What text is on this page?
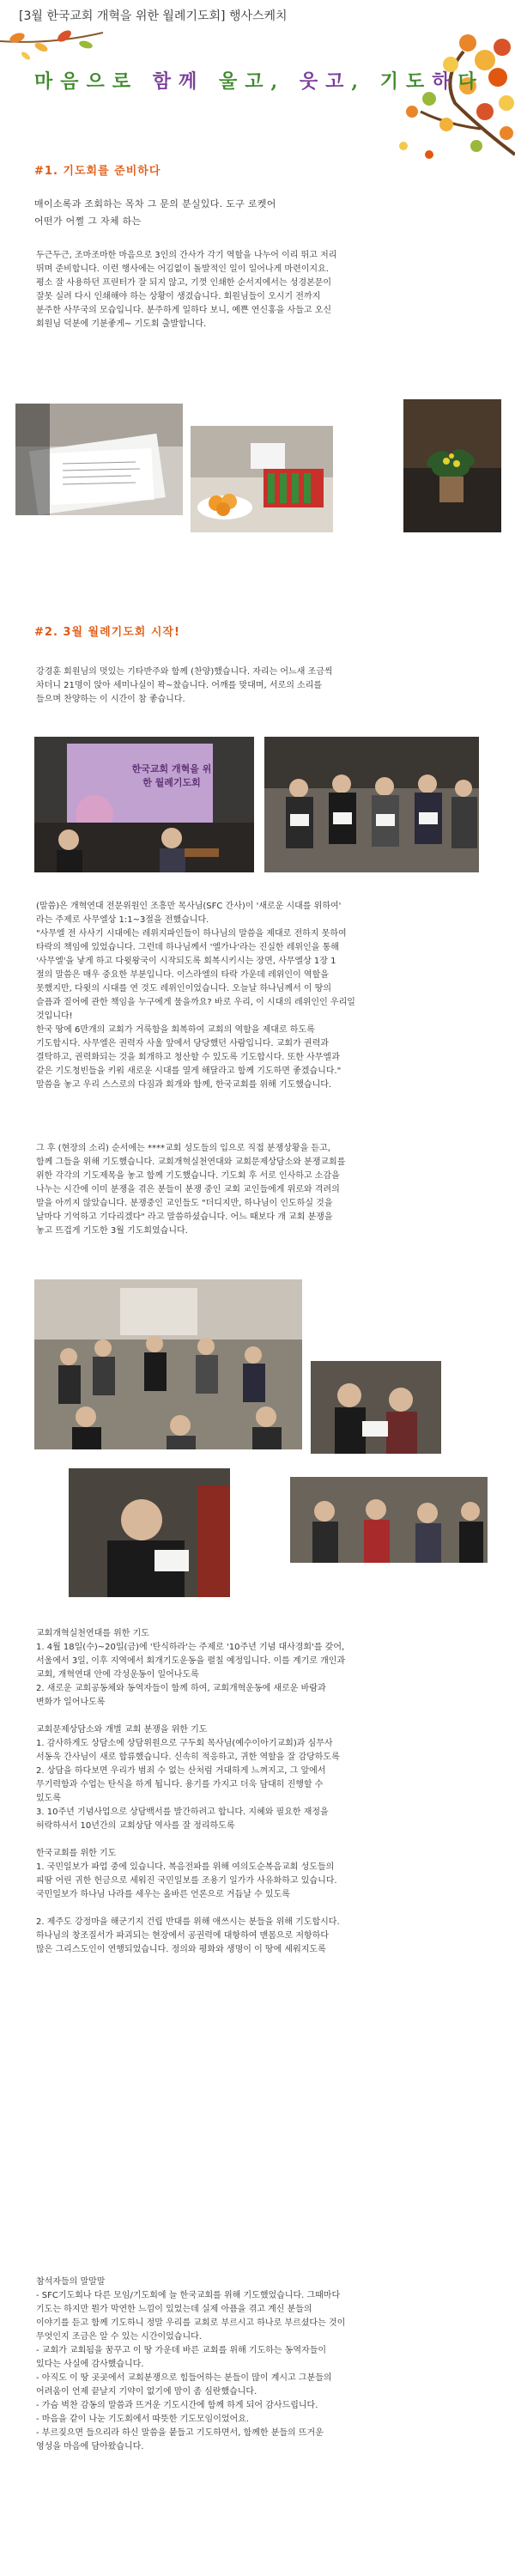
[3월 한국교회 개혁을 위한 월례기도회] 행사스케치
마음으로 함께 울고, 웃고, 기도하다
#1. 기도회를 준비하다
매이소록과 조회하는 목차 그 문의 분실있다. 도구 로켓어
어떤가 어쩔 그 자체 하는

두근두근, 조마조마한 마음으로 3인의 간사가 각기 역할을 나누어 이리 뛰고 저리

뛰며 준비합니다. 이런 행사에는 어김없이 돌발적인 일이 일어나게 마련이지요.

평소 잘 사용하던 프린터가 잘 되지 않고, 기껏 인쇄한 순서지에서는 성경본문이

잘못 실려 다시 인쇄해야 하는 상황이 생겼습니다. 회원님들이 오시기 전까지

분주한 사무국의 모습입니다. 분주하게 일하다 보니, 예쁜 연신홍을 사들고 오신

회원님 덕분에 기분좋게~ 기도회 출발합니다.

#2. 3월 월례기도회 시작!

강경훈 회원님의 멋있는 기타반주와 함께 (찬양)했습니다. 자리는 어느새 조금씩

차더니 21명이 앉아 세미나실이 꽉~찼습니다. 어깨를 맞대며, 서로의 소리를

들으며 찬양하는 이 시간이 참 좋습니다.

한국교회 개혁을 위한 월례기도회

(말씀)은 개혁연대 전문위원인 조흥만 목사님(SFC 간사)이 '새로운 시대를 위하여'

라는 주제로 사무엘상 1:1~3절을 전했습니다.

"사무엘 전 사사기 시대에는 레위지파인들이 하나님의 말씀을 제대로 전하지 못하여

타락의 책임에 있었습니다. 그런데 하나님께서 '엘가나'라는 진실한 레위인을 통해

'사무엘'을 낳게 하고 다윗왕국이 시작되도록 회복시키시는 장면, 사무엘상 1장 1

절의 말씀은 매우 중요한 부분입니다. 이스라엘의 타락 가운데 레위인이 역할을

못했지만, 다윗의 시대를 연 것도 레위인이었습니다. 오늘날 하나님께서 이 땅의

슬픔과 짙어에 관한 책임을 누구에게 물을까요? 바로 우리, 이 시대의 레위인인 우리일

것입니다!

한국 땅에 6만개의 교회가 거룩함을 회복하여 교회의 역할을 제대로 하도록

기도합시다. 사무엘은 권력자 사울 앞에서 당당했던 사람입니다. 교회가 권력과

결탁하고, 권력화되는 것을 회개하고 청산할 수 있도록 기도합시다. 또한 사무엘과

같은 기도청빈들을 키워 새로운 시대를 열게 해달라고 함께 기도하면 좋겠습니다."

말씀을 놓고 우리 스스로의 다짐과 회개와 함께, 한국교회를 위해 기도했습니다.

그 후 (현장의 소리) 순서에는 ****교회 성도들의 입으로 직접 분쟁상황을 듣고,

함께 그들을 위해 기도했습니다. 교회개혁실천연대와 교회문제상담소와 분쟁교회를

위한 각각의 기도제목을 놓고 함께 기도했습니다. 기도회 후 서로 인사하고 소감을

나누는 시간에 이미 분쟁을 겪은 분들이 분쟁 중인 교회 교인들에게 위로와 격려의

말을 아끼지 않았습니다. 분쟁중인 교인들도 "더디지만, 하나님이 인도하실 것을

날마다 기억하고 기다리겠다" 라고 말씀하셨습니다. 어느 때보다 개 교회 분쟁을

놓고 뜨겁게 기도한 3월 기도회였습니다.

교회개혁실천연대를 위한 기도

1. 4월 18일(수)~20일(금)에 '탄식하라'는 주제로 '10주년 기념 대사경회'를 갖어,

서울에서 3일, 이후 지역에서 회개기도운동을 펼칠 예정입니다. 이를 계기로 개인과

교회, 개혁연대 안에 각성운동이 일어나도록

2. 새로운 교회공동체와 동역자들이 함께 하여, 교회개혁운동에 새로운 바람과

변화가 일어나도록

교회문제상담소와 개별 교회 분쟁을 위한 기도

1. 감사하게도 상담소에 상담위원으로 구두회 목사님(예수이아기교회)과 심무사

서동욱 간사님이 새로 합류했습니다. 신속히 적응하고, 귀한 역할을 잘 감당하도록

2. 상담을 하다보면 우리가 범죄 수 없는 산처럼 거대하게 느껴지고, 그 앞에서

무기력함과 수업는 탄식을 하게 됩니다. 용기를 가지고 더욱 담대히 진행할 수

있도록

3. 10주년 기념사업으로 상담백서를 발간하려고 합니다. 지혜와 필요한 재정을

허락하셔서 10년간의 교회상담 역사를 잘 정리하도록

한국교회를 위한 기도

1. 국민일보가 파업 중에 있습니다. 복음전파를 위해 여의도순복음교회 성도들의

피땀 어린 귀한 헌금으로 세워진 국민일보를 조용기 일가가 사유화하고 있습니다.

국민일보가 하나님 나라를 세우는 올바른 언론으로 거듭날 수 있도록

2. 제주도 강정마을 해군기지 건립 반대를 위해 애쓰시는 분들을 위해 기도합시다.

하나님의 창조질서가 파괴되는 현장에서 공권력에 대항하여 맨몸으로 저항하다

많은 그리스도인이 연행되었습니다. 정의와 평화와 생명이 이 땅에 세워지도록

참석자들의 말말말

- SFC기도회나 다른 모임/기도회에 늘 한국교회를 위해 기도했었습니다. 그때마다

기도는 하지만 뭔가 막연한 느낌이 있었는데 실제 아픔을 겪고 계신 분들의

이야기를 듣고 함께 기도하니 정말 우리를 교회로 부르시고 하나로 부르셨다는 것이

무엇인지 조금은 알 수 있는 시간이었습니다.

- 교회가 교회됨을 꿈꾸고 이 땅 가운데 바른 교회를 위해 기도하는 동역자들이

있다는 사실에 감사했습니다.

- 아직도 이 땅 곳곳에서 교회분쟁으로 힘들어하는 분들이 많이 계시고 그분들의

어려움이 언제 끝날지 기약이 없기에 맘이 좀 심란했습니다.

- 가슴 벅찬 감동의 말씀과 뜨거운 기도시간에 함께 하게 되어 감사드립니다.

- 마음을 같이 나눈 기도회에서 따뜻한 기도모임이었어요.

- 부르짖으면 들으리라 하신 말씀을 붙들고 기도하면서, 함께한 분들의 뜨거운

영성을 마음에 담아왔습니다.
